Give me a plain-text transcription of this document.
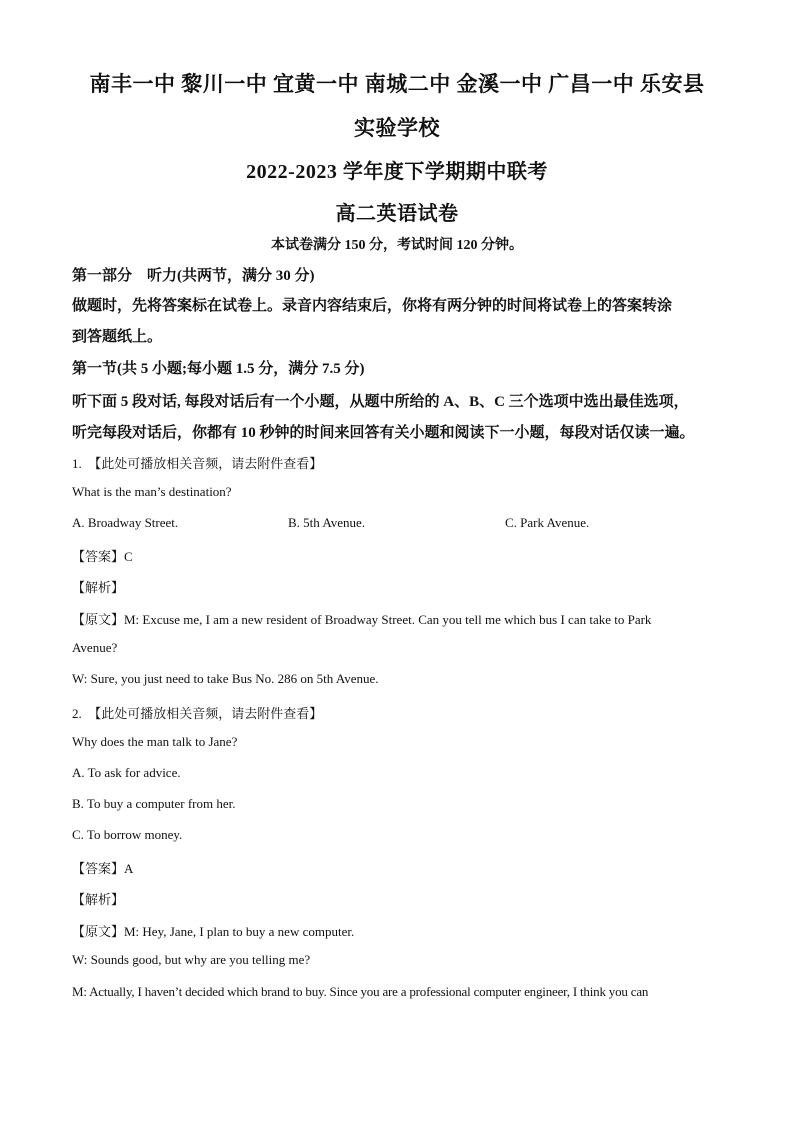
南丰一中 黎川一中 宜黄一中 南城二中 金溪一中 广昌一中 乐安县
实验学校
2022-2023 学年度下学期期中联考
高二英语试卷
本试卷满分 150 分，考试时间 120 分钟。
第一部分　听力(共两节，满分 30 分)
做题时，先将答案标在试卷上。录音内容结束后，你将有两分钟的时间将试卷上的答案转涂
到答题纸上。
第一节(共 5 小题;每小题 1.5 分，满分 7.5 分)
听下面 5 段对话, 每段对话后有一个小题，从题中所给的 A、B、C 三个选项中选出最佳选项，
听完每段对话后，你都有 10 秒钟的时间来回答有关小题和阅读下一小题，每段对话仅读一遍。
1.　【此处可播放相关音频，请去附件查看】
What is the man’s destination?
A. Broadway Street.	B. 5th Avenue.	C. Park Avenue.
【答案】C
【解析】
【原文】M: Excuse me, I am a new resident of Broadway Street. Can you tell me which bus I can take to Park
Avenue?
W: Sure, you just need to take Bus No. 286 on 5th Avenue.
2.　【此处可播放相关音频，请去附件查看】
Why does the man talk to Jane?
A. To ask for advice.
B. To buy a computer from her.
C. To borrow money.
【答案】A
【解析】
【原文】M: Hey, Jane, I plan to buy a new computer.
W: Sounds good, but why are you telling me?
M: Actually, I haven’t decided which brand to buy. Since you are a professional computer engineer, I think you can
